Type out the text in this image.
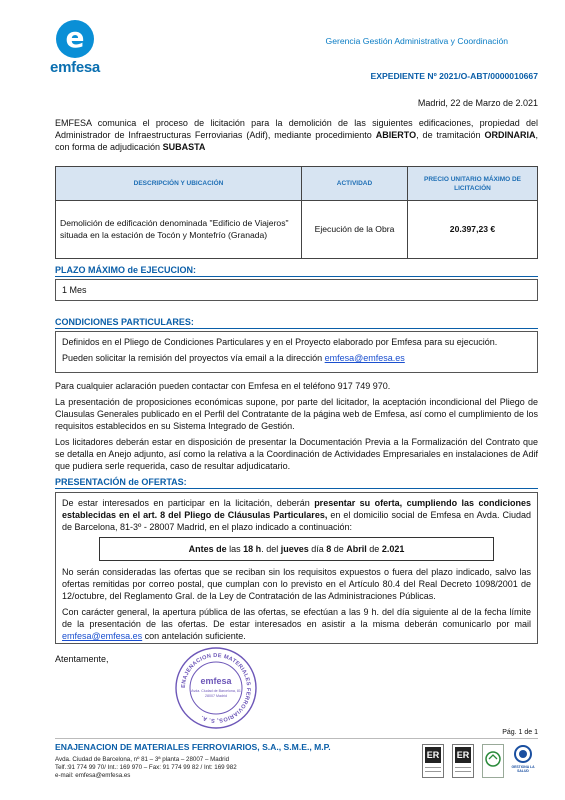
e
emfesa
Gerencia Gestión Administrativa y Coordinación
EXPEDIENTE Nº 2021/O-ABT/0000010667
Madrid, 22 de Marzo de 2.021
EMFESA comunica el proceso de licitación para la demolición de las siguientes edificaciones, propiedad del Administrador de Infraestructuras Ferroviarias (Adif), mediante procedimiento ABIERTO, de tramitación ORDINARIA, con forma de adjudicación SUBASTA
DESCRIPCIÓN Y UBICACIÓN	ACTIVIDAD	PRECIO UNITARIO MÁXIMO DE LICITACIÓN
Demolición de edificación denominada "Edificio de Viajeros" situada en la estación de Tocón y Montefrío (Granada)	Ejecución de la Obra	20.397,23 €
PLAZO MÁXIMO de EJECUCION:
1 Mes
CONDICIONES PARTICULARES:

Definidos en el Pliego de Condiciones Particulares y en el Proyecto elaborado por Emfesa para su ejecución.

Pueden solicitar la remisión del proyectos vía email a la dirección emfesa@emfesa.es

Para cualquier aclaración pueden contactar con Emfesa en el teléfono 917 749 970.
La presentación de proposiciones económicas supone, por parte del licitador, la aceptación incondicional del Pliego de Clausulas Generales publicado en el Perfil del Contratante de la página web de Emfesa, así como el cumplimiento de los requisitos establecidos en su Sistema Integrado de Gestión.
Los licitadores deberán estar en disposición de presentar la Documentación Previa a la Formalización del Contrato que se detalla en Anejo adjunto, así como la relativa a la Coordinación de Actividades Empresariales en instalaciones de Adif que pudiera serle requerida, caso de resultar adjudicatario.
PRESENTACIÓN de OFERTAS:

De estar interesados en participar en la licitación, deberán presentar su oferta, cumpliendo las condiciones establecidas en el art. 8 del Pliego de Cláusulas Particulares, en el domicilio social de Emfesa en Avda. Ciudad de Barcelona, 81-3º - 28007 Madrid, en el plazo indicado a continuación:

Antes de las 18 h. del jueves día 8 de Abril de 2.021

No serán consideradas las ofertas que se reciban sin los requisitos expuestos o fuera del plazo indicado, salvo las ofertas remitidas por correo postal, que cumplan con lo previsto en el Artículo 80.4 del Real Decreto 1098/2001 de 12/octubre, del Reglamento Gral. de la Ley de Contratación de las Administraciones Públicas.

Con carácter general, la apertura pública de las ofertas, se efectúan a las 9 h. del día siguiente al de la fecha límite de la presentación de las ofertas. De estar interesados en asistir a la misma deberán comunicarlo por mail emfesa@emfesa.es con antelación suficiente.

Atentamente,
ENAJENACION DE MATERIALES FERROVIARIOS, S. A.
emfesa
Avda. Ciudad de Barcelona, 81
28007 Madrid
Pág. 1 de 1
ENAJENACION DE MATERIALES FERROVIARIOS, S.A., S.M.E., M.P.
Avda. Ciudad de Barcelona, nº 81 – 3ª planta – 28007 – Madrid
Telf.:91 774 99 70/ Int.: 169 970 – Fax: 91 774 99 82 / Int: 169 982
e-mail: emfesa@emfesa.es
ER ER
GESTIONA LA SALUD
